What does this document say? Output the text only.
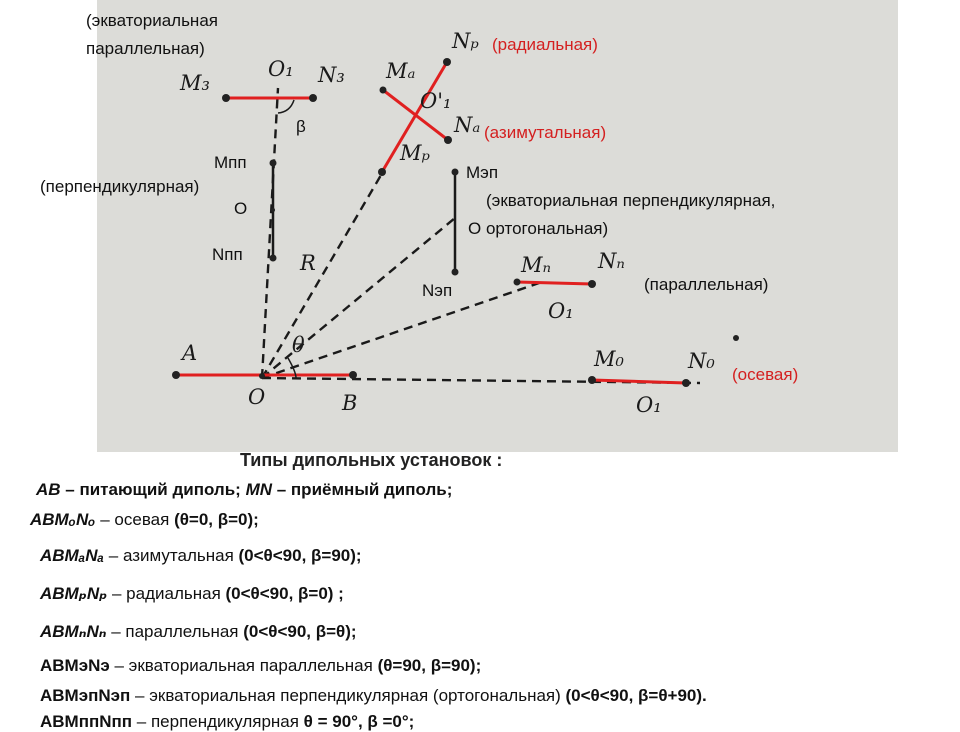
M₃	N₃
O₁	Mₐ
O'₁
Nₐ
Mₚ
Nₚ
Mₙ Nₙ
O₁
M₀	N₀
O₁
A
O	B
R
θ
(экваториальная
параллельная)	(радиальная)
(азимутальная)
β
Mпп
(перпендикулярная)
O
Nпп
Mэп
(экваториальная перпендикулярная,
O ортогональная)
Nэп	(параллельная)
(осевая)
Типы дипольных установок :
AB – питающий диполь; MN – приёмный диполь;
ABMₒNₒ – осевая (θ=0, β=0);
ABMₐNₐ – азимутальная (0<θ<90, β=90);
ABMₚNₚ – радиальная (0<θ<90, β=0) ;
ABMₙNₙ – параллельная (0<θ<90, β=θ);
ABMэNэ – экваториальная параллельная (θ=90, β=90);
ABMэпNэп – экваториальная перпендикулярная (ортогональная) (0<θ<90, β=θ+90).
ABMппNпп – перпендикулярная θ = 90°, β =0°;
